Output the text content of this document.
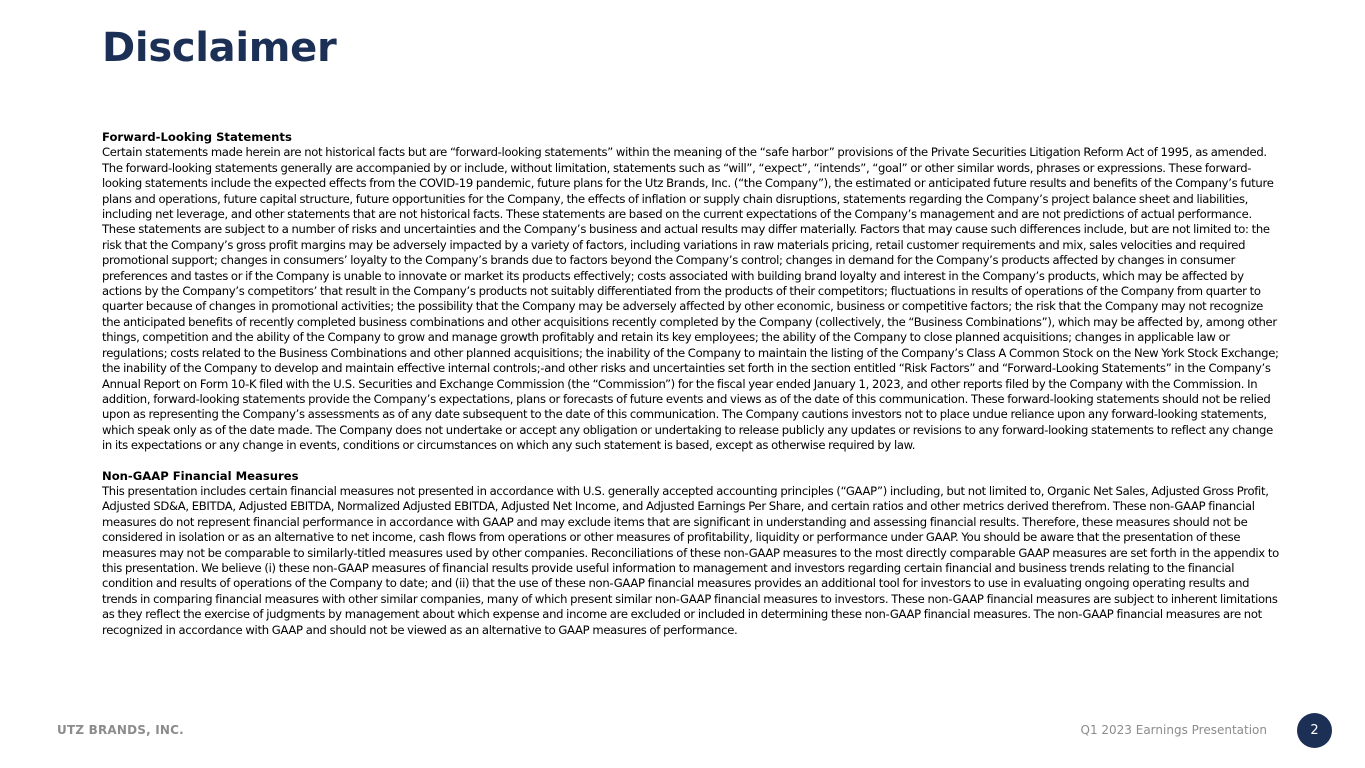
Disclaimer

Forward-Looking Statements

Certain statements made herein are not historical facts but are “forward-looking statements” within the meaning of the “safe harbor” provisions of the Private Securities Litigation Reform Act of 1995, as amended. The forward-looking statements generally are accompanied by or include, without limitation, statements such as “will”, “expect”, “intends”, “goal” or other similar words, phrases or expressions. These forward-looking statements include the expected effects from the COVID-19 pandemic, future plans for the Utz Brands, Inc. (“the Company”), the estimated or anticipated future results and benefits of the Company’s future plans and operations, future capital structure, future opportunities for the Company, the effects of inflation or supply chain disruptions, statements regarding the Company’s project balance sheet and liabilities, including net leverage, and other statements that are not historical facts. These statements are based on the current expectations of the Company’s management and are not predictions of actual performance. These statements are subject to a number of risks and uncertainties and the Company’s business and actual results may differ materially. Factors that may cause such differences include, but are not limited to: the risk that the Company’s gross profit margins may be adversely impacted by a variety of factors, including variations in raw materials pricing, retail customer requirements and mix, sales velocities and required promotional support; changes in consumers’ loyalty to the Company’s brands due to factors beyond the Company’s control; changes in demand for the Company’s products affected by changes in consumer preferences and tastes or if the Company is unable to innovate or market its products effectively; costs associated with building brand loyalty and interest in the Company’s products, which may be affected by actions by the Company’s competitors’ that result in the Company’s products not suitably differentiated from the products of their competitors; fluctuations in results of operations of the Company from quarter to quarter because of changes in promotional activities; the possibility that the Company may be adversely affected by other economic, business or competitive factors; the risk that the Company may not recognize the anticipated benefits of recently completed business combinations and other acquisitions recently completed by the Company (collectively, the “Business Combinations”), which may be affected by, among other things, competition and the ability of the Company to grow and manage growth profitably and retain its key employees; the ability of the Company to close planned acquisitions; changes in applicable law or regulations; costs related to the Business Combinations and other planned acquisitions; the inability of the Company to maintain the listing of the Company’s Class A Common Stock on the New York Stock Exchange; the inability of the Company to develop and maintain effective internal controls;-and other risks and uncertainties set forth in the section entitled “Risk Factors” and “Forward-Looking Statements” in the Company’s Annual Report on Form 10-K filed with the U.S. Securities and Exchange Commission (the “Commission”) for the fiscal year ended January 1, 2023, and other reports filed by the Company with the Commission. In addition, forward-looking statements provide the Company’s expectations, plans or forecasts of future events and views as of the date of this communication. These forward-looking statements should not be relied upon as representing the Company’s assessments as of any date subsequent to the date of this communication. The Company cautions investors not to place undue reliance upon any forward-looking statements, which speak only as of the date made. The Company does not undertake or accept any obligation or undertaking to release publicly any updates or revisions to any forward-looking statements to reflect any change in its expectations or any change in events, conditions or circumstances on which any such statement is based, except as otherwise required by law.

Non-GAAP Financial Measures

This presentation includes certain financial measures not presented in accordance with U.S. generally accepted accounting principles (“GAAP”) including, but not limited to, Organic Net Sales, Adjusted Gross Profit, Adjusted SD&A, EBITDA, Adjusted EBITDA, Normalized Adjusted EBITDA, Adjusted Net Income, and Adjusted Earnings Per Share, and certain ratios and other metrics derived therefrom. These non-GAAP financial measures do not represent financial performance in accordance with GAAP and may exclude items that are significant in understanding and assessing financial results. Therefore, these measures should not be considered in isolation or as an alternative to net income, cash flows from operations or other measures of profitability, liquidity or performance under GAAP. You should be aware that the presentation of these measures may not be comparable to similarly-titled measures used by other companies. Reconciliations of these non-GAAP measures to the most directly comparable GAAP measures are set forth in the appendix to this presentation. We believe (i) these non-GAAP measures of financial results provide useful information to management and investors regarding certain financial and business trends relating to the financial condition and results of operations of the Company to date; and (ii) that the use of these non-GAAP financial measures provides an additional tool for investors to use in evaluating ongoing operating results and trends in comparing financial measures with other similar companies, many of which present similar non-GAAP financial measures to investors. These non-GAAP financial measures are subject to inherent limitations as they reflect the exercise of judgments by management about which expense and income are excluded or included in determining these non-GAAP financial measures. The non-GAAP financial measures are not recognized in accordance with GAAP and should not be viewed as an alternative to GAAP measures of performance.

UTZ BRANDS, INC.	Q1 2023 Earnings Presentation	2
